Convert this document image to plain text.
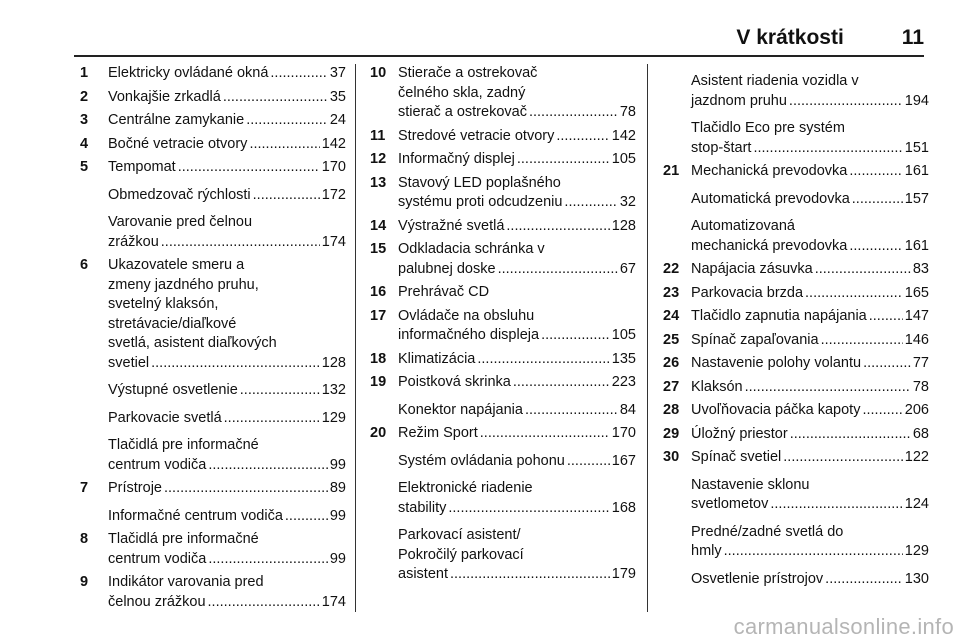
V krátkosti	11
1	Elektricky ovládané okná .....	37
2	Vonkajšie zrkadlá .....	35
3	Centrálne zamykanie .....	24
4	Bočné vetracie otvory .....	142
5	Tempomat .....	170
Obmedzovač rýchlosti .....	172
Varovanie pred čelnou
zrážkou .....	174
6	Ukazovatele smeru a
zmeny jazdného pruhu,
svetelný klaksón,
stretávacie/diaľkové
svetlá, asistent diaľkových
svetiel .....	128
Výstupné osvetlenie .....	132
Parkovacie svetlá .....	129
Tlačidlá pre informačné
centrum vodiča .....	99
7	Prístroje .....	89
Informačné centrum vodiča .....	99
8	Tlačidlá pre informačné
centrum vodiča .....	99
9	Indikátor varovania pred
čelnou zrážkou .....	174
10 Stierače a ostrekovač
čelného skla, zadný
stierač a ostrekovač .....	78
11 Stredové vetracie otvory .....	142
12 Informačný displej .....	105
13 Stavový LED poplašného
systému proti odcudzeniu .....	32
14 Výstražné svetlá .....	128
15 Odkladacia schránka v
palubnej doske .....	67
16 Prehrávač CD
17 Ovládače na obsluhu
informačného displeja .....	105
18 Klimatizácia .....	135
19 Poistková skrinka .....	223
Konektor napájania .....	84
20 Režim Sport .....	170
Systém ovládania pohonu .....	167
Elektronické riadenie
stability .....	168
Parkovací asistent/
Pokročilý parkovací
asistent .....	179
Asistent riadenia vozidla v
jazdnom pruhu .....	194
Tlačidlo Eco pre systém
stop-štart .....	151
21 Mechanická prevodovka .....	161
Automatická prevodovka .....	157
Automatizovaná
mechanická prevodovka .....	161
22 Napájacia zásuvka .....	83
23 Parkovacia brzda .....	165
24 Tlačidlo zapnutia napájania .....	147
25 Spínač zapaľovania .....	146
26 Nastavenie polohy volantu .....	77
27 Klaksón .....	78
28 Uvoľňovacia páčka kapoty .....	206
29 Úložný priestor .....	68
30 Spínač svetiel .....	122
Nastavenie sklonu
svetlometov .....	124
Predné/zadné svetlá do
hmly .....	129
Osvetlenie prístrojov .....	130
carmanualsonline.info
